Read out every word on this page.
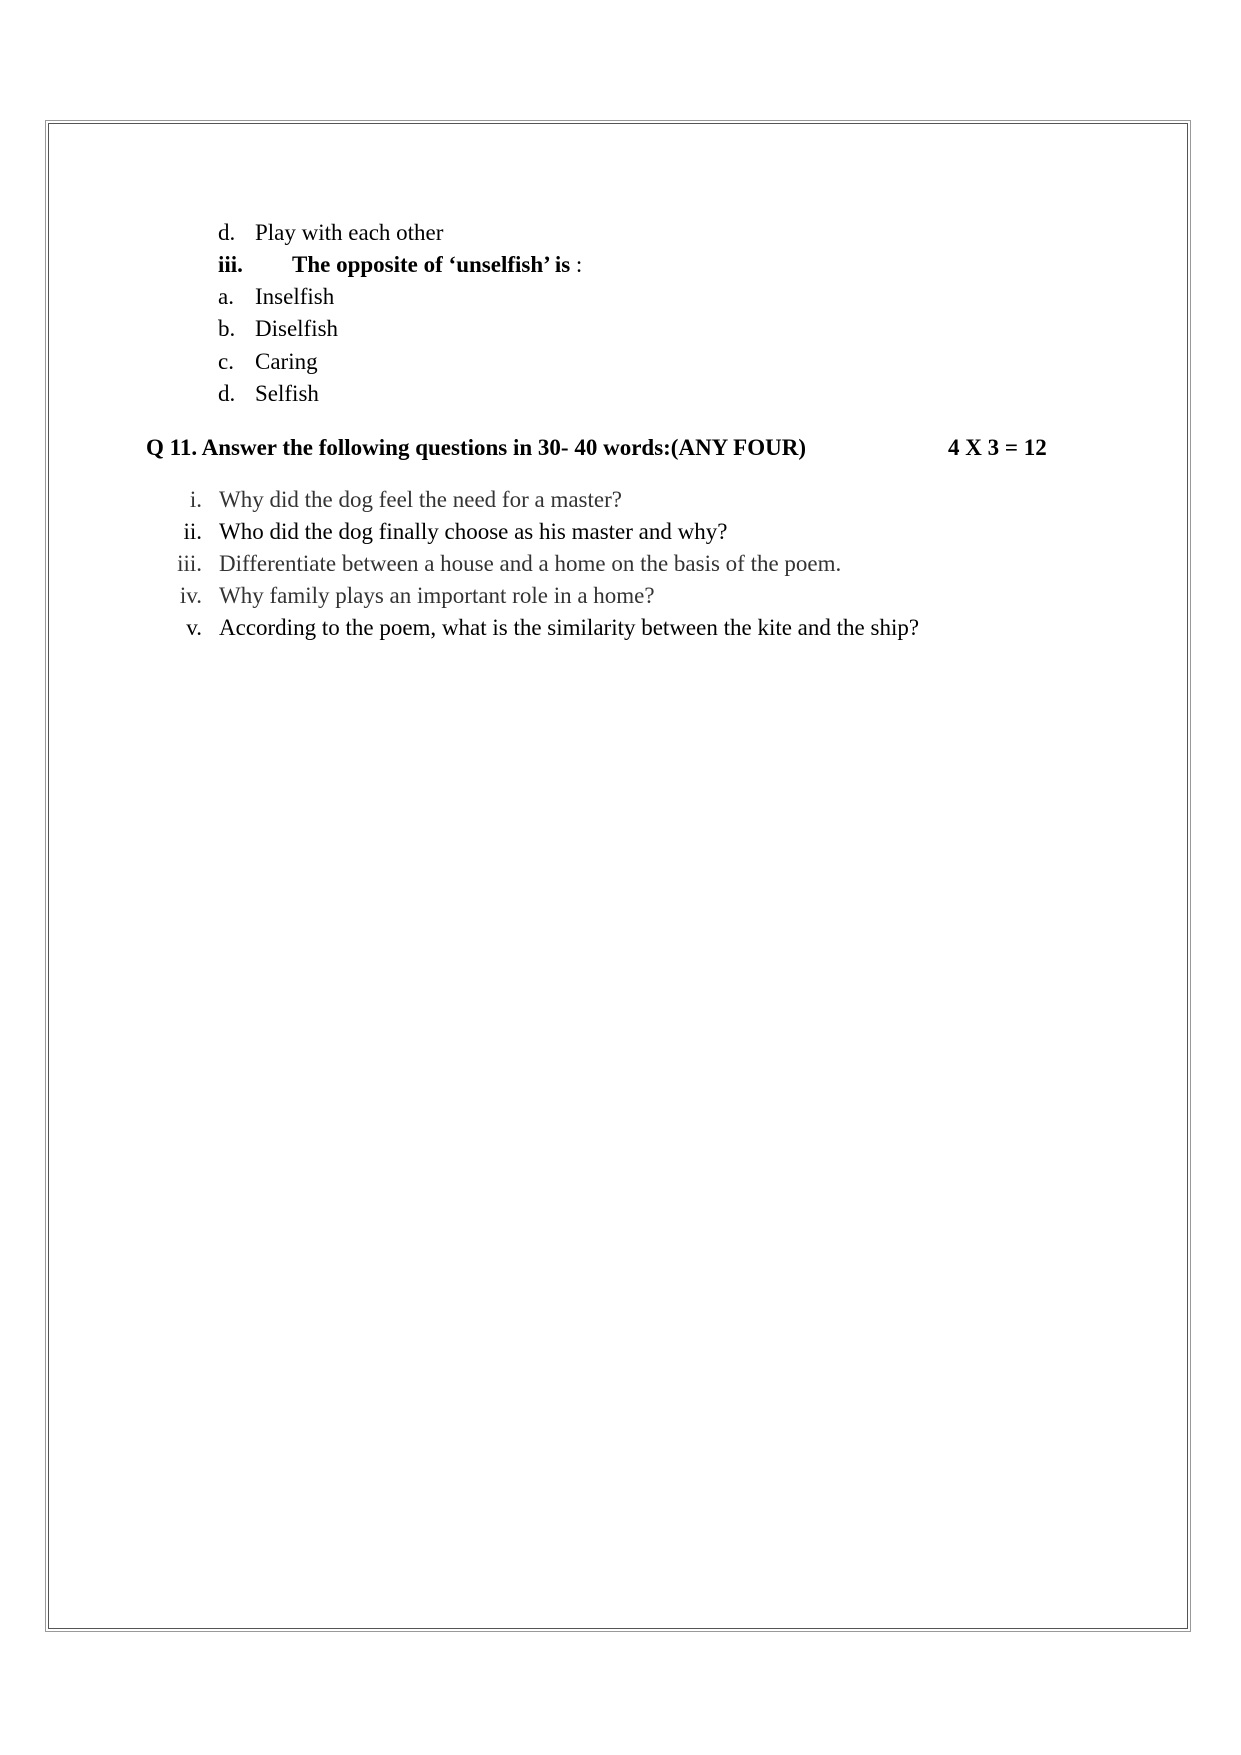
d. Play with each other
iii. The opposite of ‘unselfish’ is :
a. Inselfish
b. Diselfish
c. Caring
d. Selfish
Q 11. Answer the following questions in 30- 40 words:(ANY FOUR)	4 X 3 = 12
i. Why did the dog feel the need for a master?
ii. Who did the dog finally choose as his master and why?
iii. Differentiate between a house and a home on the basis of the poem.
iv. Why family plays an important role in a home?
v. According to the poem, what is the similarity between the kite and the ship?
